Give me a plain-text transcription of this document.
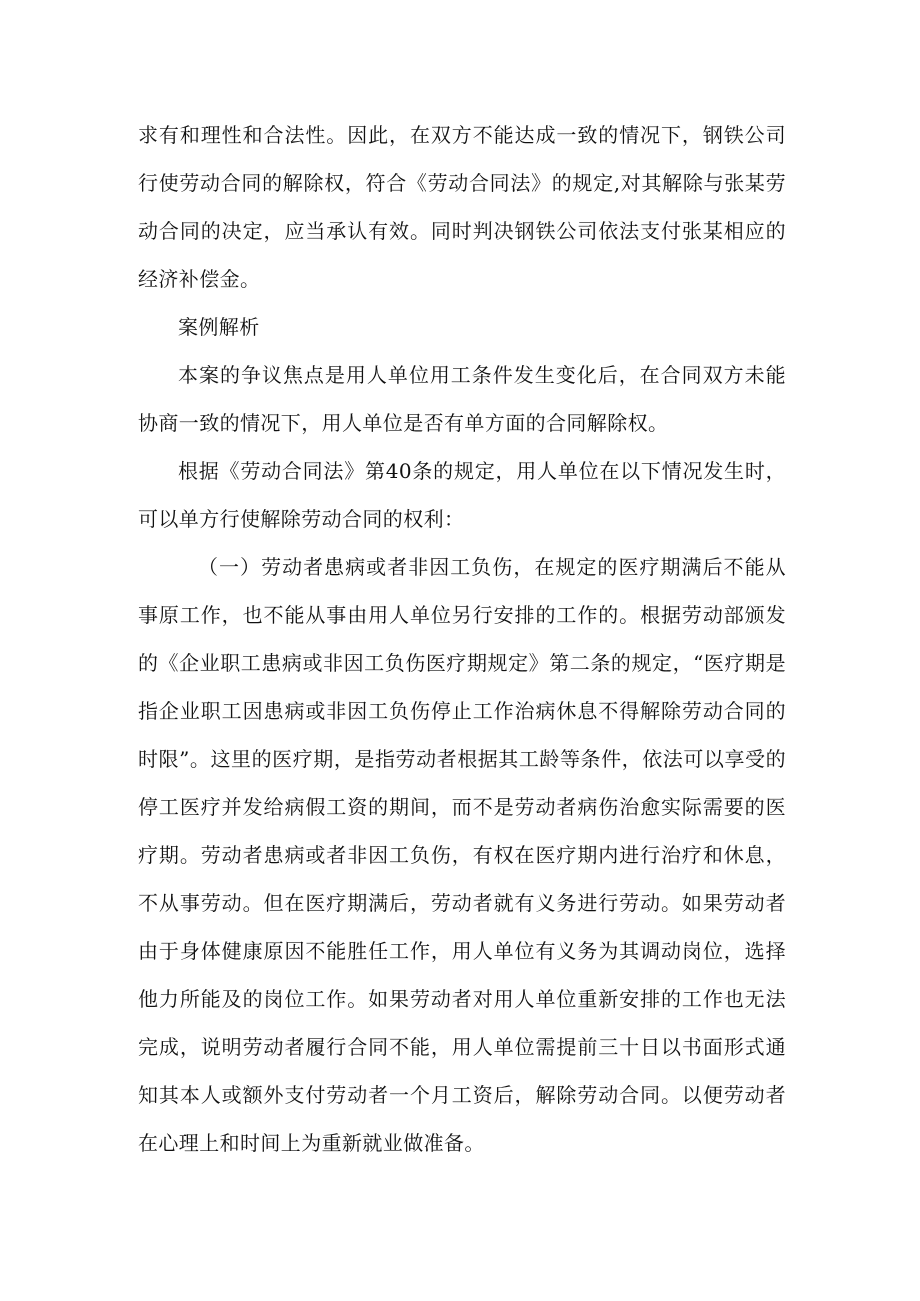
求有和理性和合法性。因此，在双方不能达成一致的情况下，钢铁公司行使劳动合同的解除权，符合《劳动合同法》的规定,对其解除与张某劳动合同的决定，应当承认有效。同时判决钢铁公司依法支付张某相应的经济补偿金。

案例解析

本案的争议焦点是用人单位用工条件发生变化后，在合同双方未能协商一致的情况下，用人单位是否有单方面的合同解除权。

根据《劳动合同法》第40条的规定，用人单位在以下情况发生时，可以单方行使解除劳动合同的权利：

（一）劳动者患病或者非因工负伤，在规定的医疗期满后不能从事原工作，也不能从事由用人单位另行安排的工作的。根据劳动部颁发的《企业职工患病或非因工负伤医疗期规定》第二条的规定，“医疗期是指企业职工因患病或非因工负伤停止工作治病休息不得解除劳动合同的时限”。这里的医疗期，是指劳动者根据其工龄等条件，依法可以享受的停工医疗并发给病假工资的期间，而不是劳动者病伤治愈实际需要的医疗期。劳动者患病或者非因工负伤，有权在医疗期内进行治疗和休息，不从事劳动。但在医疗期满后，劳动者就有义务进行劳动。如果劳动者由于身体健康原因不能胜任工作，用人单位有义务为其调动岗位，选择他力所能及的岗位工作。如果劳动者对用人单位重新安排的工作也无法完成，说明劳动者履行合同不能，用人单位需提前三十日以书面形式通知其本人或额外支付劳动者一个月工资后，解除劳动合同。以便劳动者在心理上和时间上为重新就业做准备。
